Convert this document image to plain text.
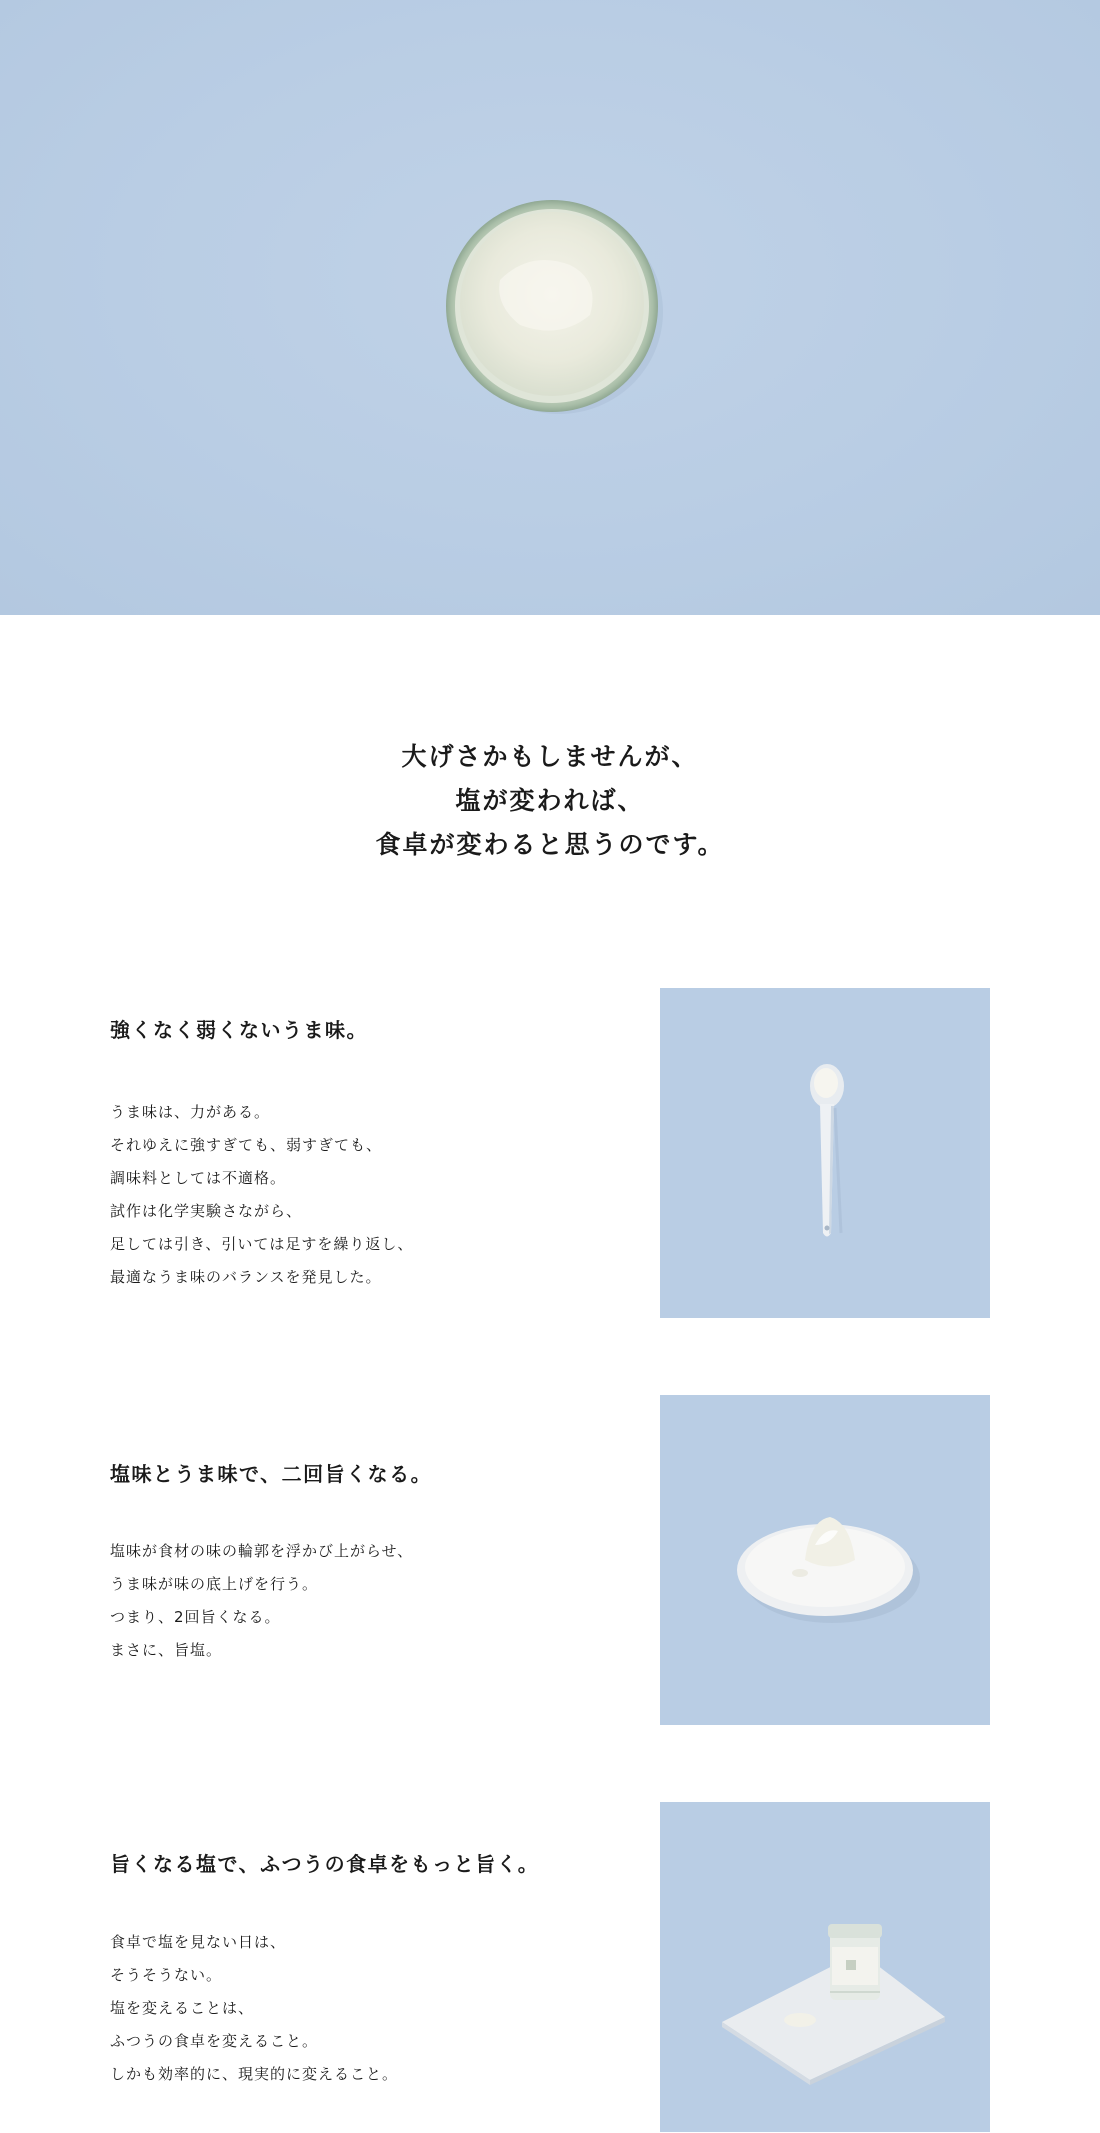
大げさかもしませんが、
塩が変われば、
食卓が変わると思うのです。
強くなく弱くないうま味。
うま味は、力がある。
それゆえに強すぎても、弱すぎても、
調味料としては不適格。
試作は化学実験さながら、
足しては引き、引いては足すを繰り返し、
最適なうま味のバランスを発見した。
塩味とうま味で、二回旨くなる。
塩味が食材の味の輪郭を浮かび上がらせ、
うま味が味の底上げを行う。
つまり、2回旨くなる。
まさに、旨塩。
旨くなる塩で、ふつうの食卓をもっと旨く。
食卓で塩を見ない日は、
そうそうない。
塩を変えることは、
ふつうの食卓を変えること。
しかも効率的に、現実的に変えること。
